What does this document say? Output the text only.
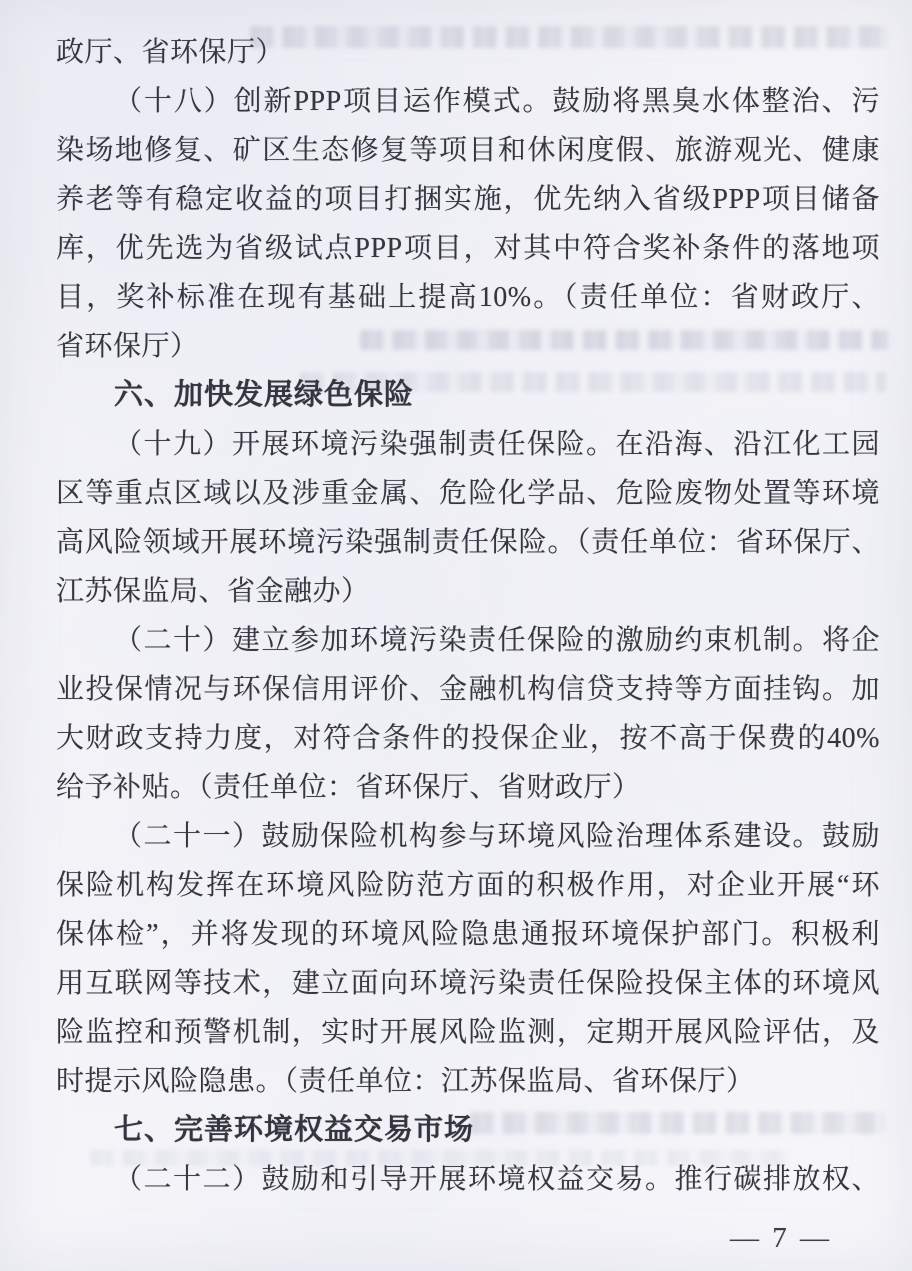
政厅、省环保厅）
（十八）创新PPP项目运作模式。鼓励将黑臭水体整治、污
染场地修复、矿区生态修复等项目和休闲度假、旅游观光、健康
养老等有稳定收益的项目打捆实施，优先纳入省级PPP项目储备
库，优先选为省级试点PPP项目，对其中符合奖补条件的落地项
目，奖补标准在现有基础上提高10%。（责任单位：省财政厅、
省环保厅）
六、加快发展绿色保险
（十九）开展环境污染强制责任保险。在沿海、沿江化工园
区等重点区域以及涉重金属、危险化学品、危险废物处置等环境
高风险领域开展环境污染强制责任保险。（责任单位：省环保厅、
江苏保监局、省金融办）
（二十）建立参加环境污染责任保险的激励约束机制。将企
业投保情况与环保信用评价、金融机构信贷支持等方面挂钩。加
大财政支持力度，对符合条件的投保企业，按不高于保费的40%
给予补贴。（责任单位：省环保厅、省财政厅）
（二十一）鼓励保险机构参与环境风险治理体系建设。鼓励
保险机构发挥在环境风险防范方面的积极作用，对企业开展“环
保体检”，并将发现的环境风险隐患通报环境保护部门。积极利
用互联网等技术，建立面向环境污染责任保险投保主体的环境风
险监控和预警机制，实时开展风险监测，定期开展风险评估，及
时提示风险隐患。（责任单位：江苏保监局、省环保厅）
七、完善环境权益交易市场
（二十二）鼓励和引导开展环境权益交易。推行碳排放权、
— 7 —
